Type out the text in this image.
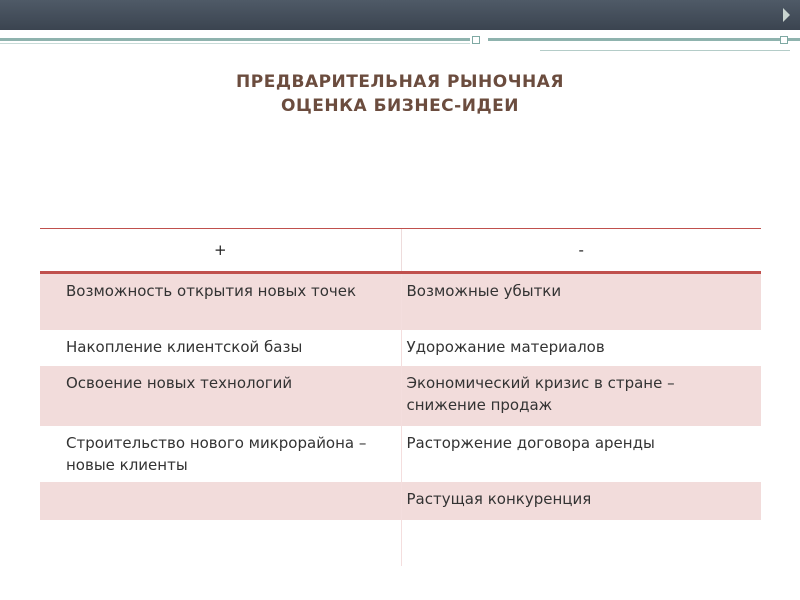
ПРЕДВАРИТЕЛЬНАЯ РЫНОЧНАЯ
ОЦЕНКА БИЗНЕС-ИДЕИ
+	-
Возможность открытия новых точек	Возможные убытки
Накопление клиентской базы	Удорожание материалов
Освоение новых технологий	Экономический кризис в стране – снижение продаж
Строительство нового микрорайона – новые клиенты	Расторжение договора аренды
	Растущая конкуренция
